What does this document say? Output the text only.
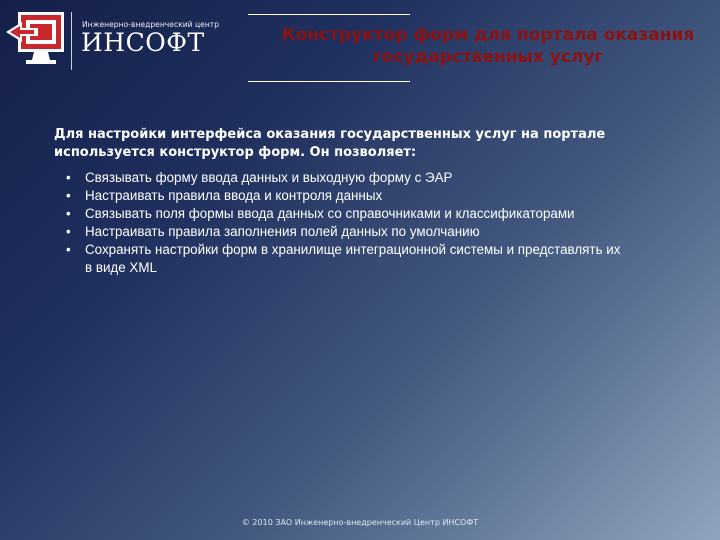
Инженерно-внедренческий центр
ИНСОФТ	Конструктор форм для портала оказания
государственных услуг

Для настройки интерфейса оказания государственных услуг на портале используется конструктор форм. Он позволяет:

• Связывать форму ввода данных и выходную форму с ЭАР
• Настраивать правила ввода и контроля данных
• Связывать поля формы ввода данных со справочниками и классификаторами
• Настраивать правила заполнения полей данных по умолчанию
• Сохранять настройки форм в хранилище интеграционной системы и представлять их в виде XML
© 2010 ЗАО Инженерно-внедренческий Центр ИНСОФТ
